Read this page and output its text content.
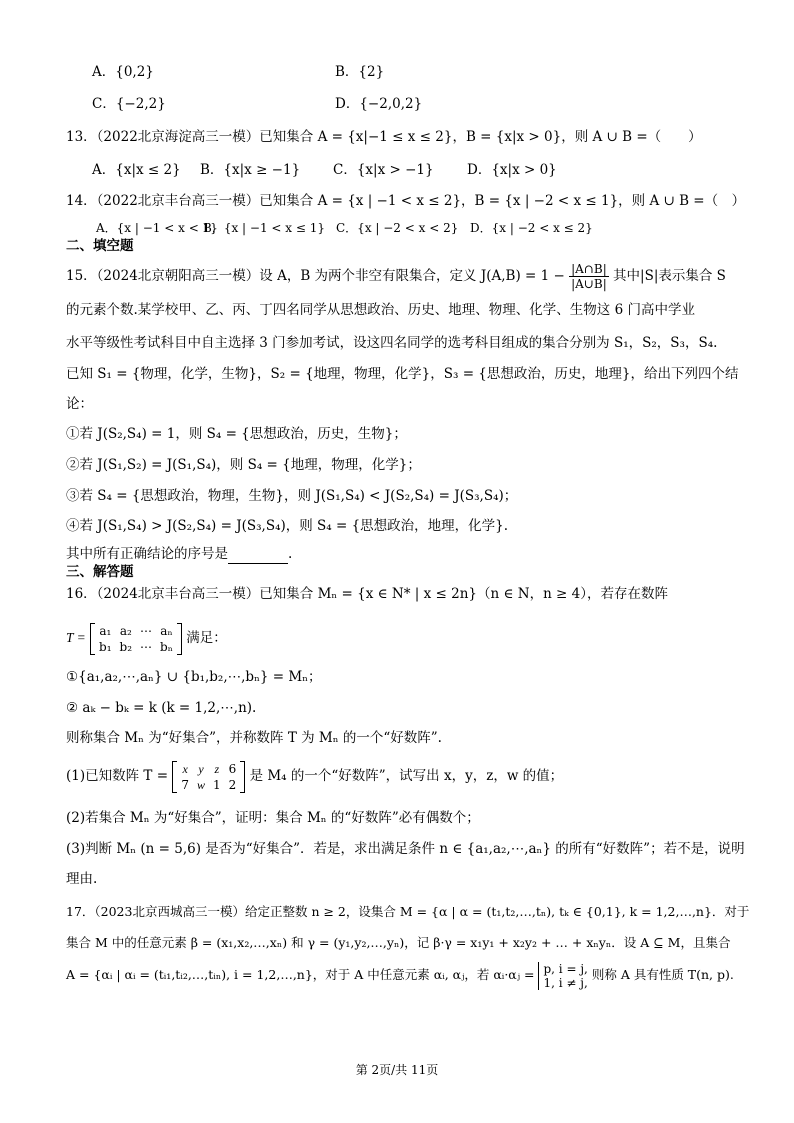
A．{0,2}	B．{2}
C．{−2,2}	D．{−2,0,2}
13．（2022北京海淀高三一模）已知集合 A = {x|−1 ≤ x ≤ 2}，B = {x|x > 0}，则 A ∪ B =（　　）
A．{x|x ≤ 2} B．{x|x ≥ −1} C．{x|x > −1} D．{x|x > 0}
14．（2022北京丰台高三一模）已知集合 A = {x | −1 < x ≤ 2}，B = {x | −2 < x ≤ 1}，则 A ∪ B =（　）
A．{x | −1 < x < 1}
B．{x | −1 < x ≤ 1} C．{x | −2 < x < 2} D．{x | −2 < x ≤ 2}
二、填空题
15．（2024北京朝阳高三一模）设 A，B 为两个非空有限集合，定义 $J(A,B) = 1 - \frac{|A\cap B|}{|A\cup B|}$ 其中|S|表示集合 S
的元素个数.某学校甲、乙、丙、丁四名同学从思想政治、历史、地理、物理、化学、生物这 6 门高中学业
水平等级性考试科目中自主选择 3 门参加考试，设这四名同学的选考科目组成的集合分别为 S₁，S₂，S₃，S₄.
已知 S₁ = {物理，化学，生物}，S₂ = {地理，物理，化学}，S₃ = {思想政治，历史，地理}，给出下列四个结
论：
①若 J(S₂,S₄) = 1，则 S₄ = {思想政治，历史，生物}；
②若 J(S₁,S₂) = J(S₁,S₄)，则 S₄ = {地理，物理，化学}；
③若 S₄ = {思想政治，物理，生物}，则 J(S₁,S₄) < J(S₂,S₄) = J(S₃,S₄)；
④若 J(S₁,S₄) > J(S₂,S₄) = J(S₃,S₄)，则 S₄ = {思想政治，地理，化学}.
其中所有正确结论的序号是	.
三、解答题
16．（2024北京丰台高三一模）已知集合 Mₙ = {x ∈ N* | x ≤ 2n}（n ∈ N，n ≥ 4），若存在数阵
T = a₁	a₂	⋯	aₙ
b₁	b₂	⋯	bₙ
满足：
①{a₁,a₂,⋯,aₙ} ∪ {b₁,b₂,⋯,bₙ} = Mₙ；
② aₖ − bₖ = k (k = 1,2,⋯,n).
则称集合 Mₙ 为“好集合”，并称数阵 T 为 Mₙ 的一个“好数阵”.
(1)已知数阵 T = x	y	z	6
7	w	1	2
是 M₄ 的一个“好数阵”，试写出 x，y，z，w 的值；
(2)若集合 Mₙ 为“好集合”，证明：集合 Mₙ 的“好数阵”必有偶数个；
(3)判断 Mₙ (n = 5,6) 是否为“好集合”．若是，求出满足条件 n ∈ {a₁,a₂,⋯,aₙ} 的所有“好数阵”；若不是，说明
理由.
17．（2023北京西城高三一模）给定正整数 n ≥ 2，设集合 M = {α | α = (t₁,t₂,…,tₙ), tₖ ∈ {0,1}, k = 1,2,…,n}．对于
集合 M 中的任意元素 β = (x₁,x₂,…,xₙ) 和 γ = (y₁,y₂,…,yₙ)，记 β·γ = x₁y₁ + x₂y₂ + … + xₙyₙ．设 A ⊆ M，且集合
A = {αᵢ | αᵢ = (tᵢ₁,tᵢ₂,…,tᵢₙ), i = 1,2,…,n}，对于 A 中任意元素 αᵢ, αⱼ，若 αᵢ·αⱼ = p, i = j,
1, i ≠ j,
则称 A 具有性质 T(n, p).
第 2页/共 11页
